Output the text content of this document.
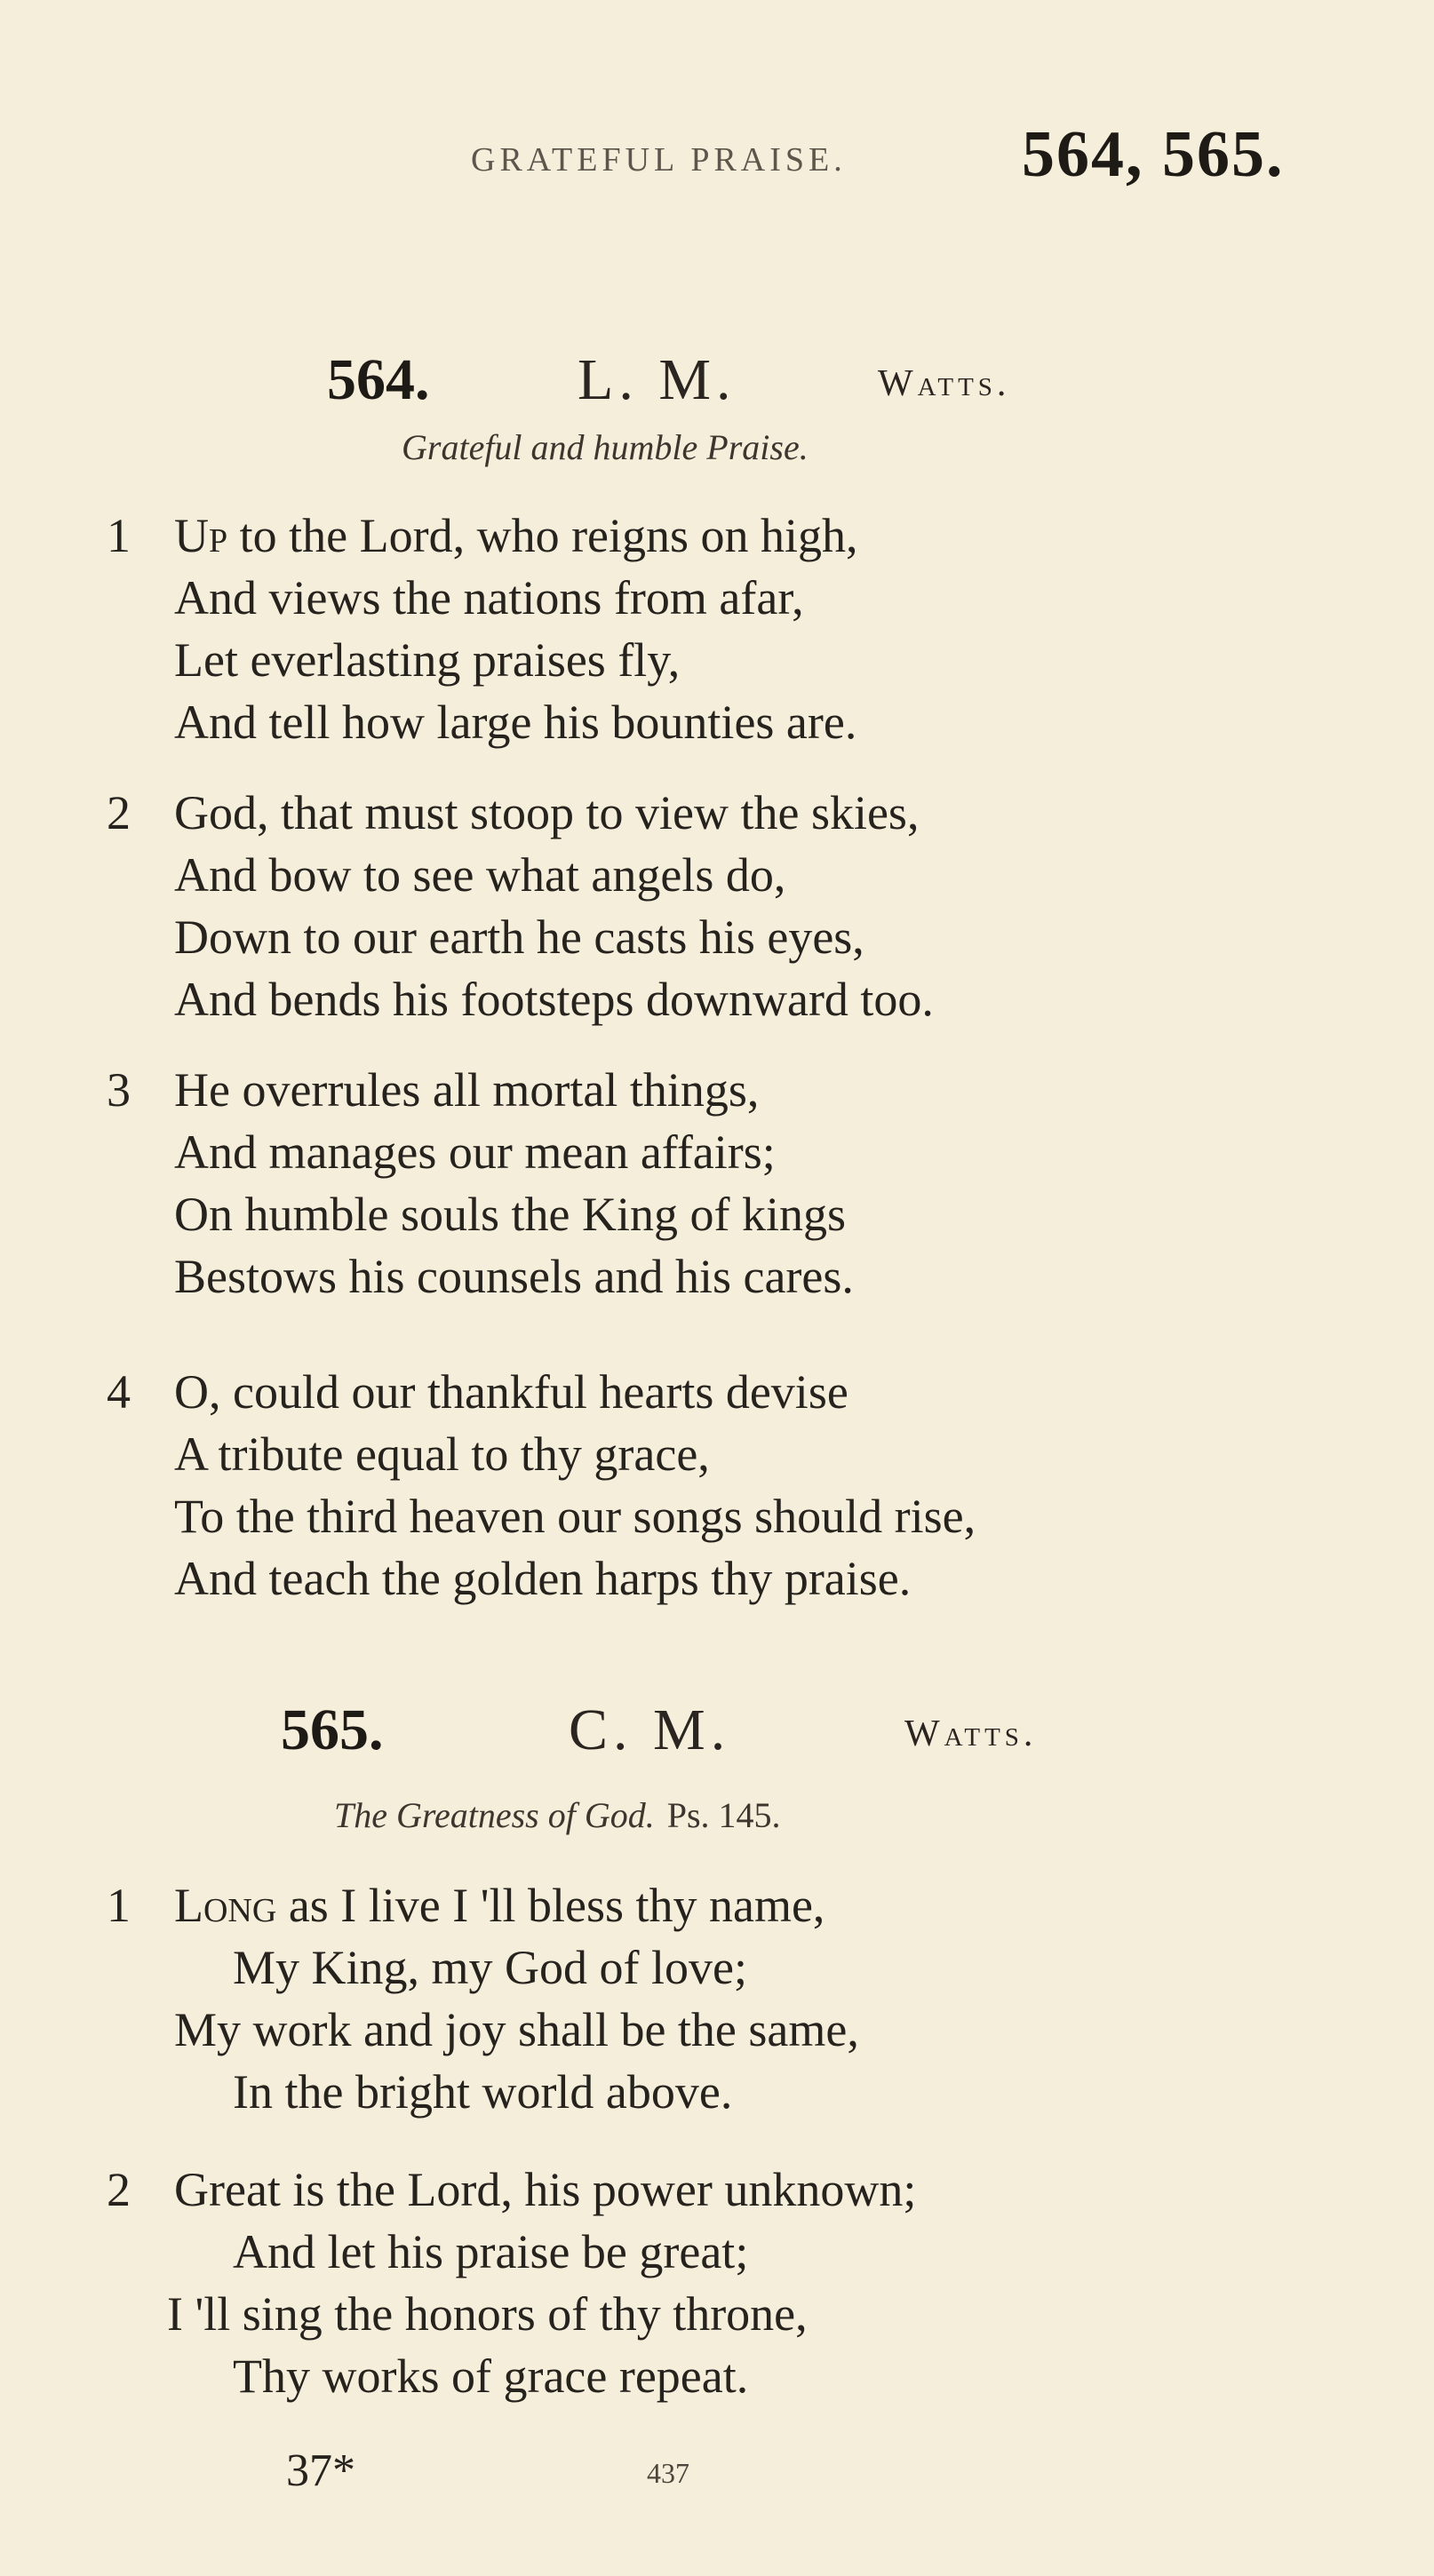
GRATEFUL PRAISE.	564, 565.
564.	L. M.	Watts.
Grateful and humble Praise.
1 Up to the Lord, who reigns on high,
And views the nations from afar,
Let everlasting praises fly,
And tell how large his bounties are.
2 God, that must stoop to view the skies,
And bow to see what angels do,
Down to our earth he casts his eyes,
And bends his footsteps downward too.
3 He overrules all mortal things,
And manages our mean affairs;
On humble souls the King of kings
Bestows his counsels and his cares.
4 O, could our thankful hearts devise
A tribute equal to thy grace,
To the third heaven our songs should rise,
And teach the golden harps thy praise.
565.	C. M.	Watts.
The Greatness of God. Ps. 145.
1 Long as I live I 'll bless thy name,
My King, my God of love;
My work and joy shall be the same,
In the bright world above.
2 Great is the Lord, his power unknown;
And let his praise be great;
I 'll sing the honors of thy throne,
Thy works of grace repeat.
37*	437
